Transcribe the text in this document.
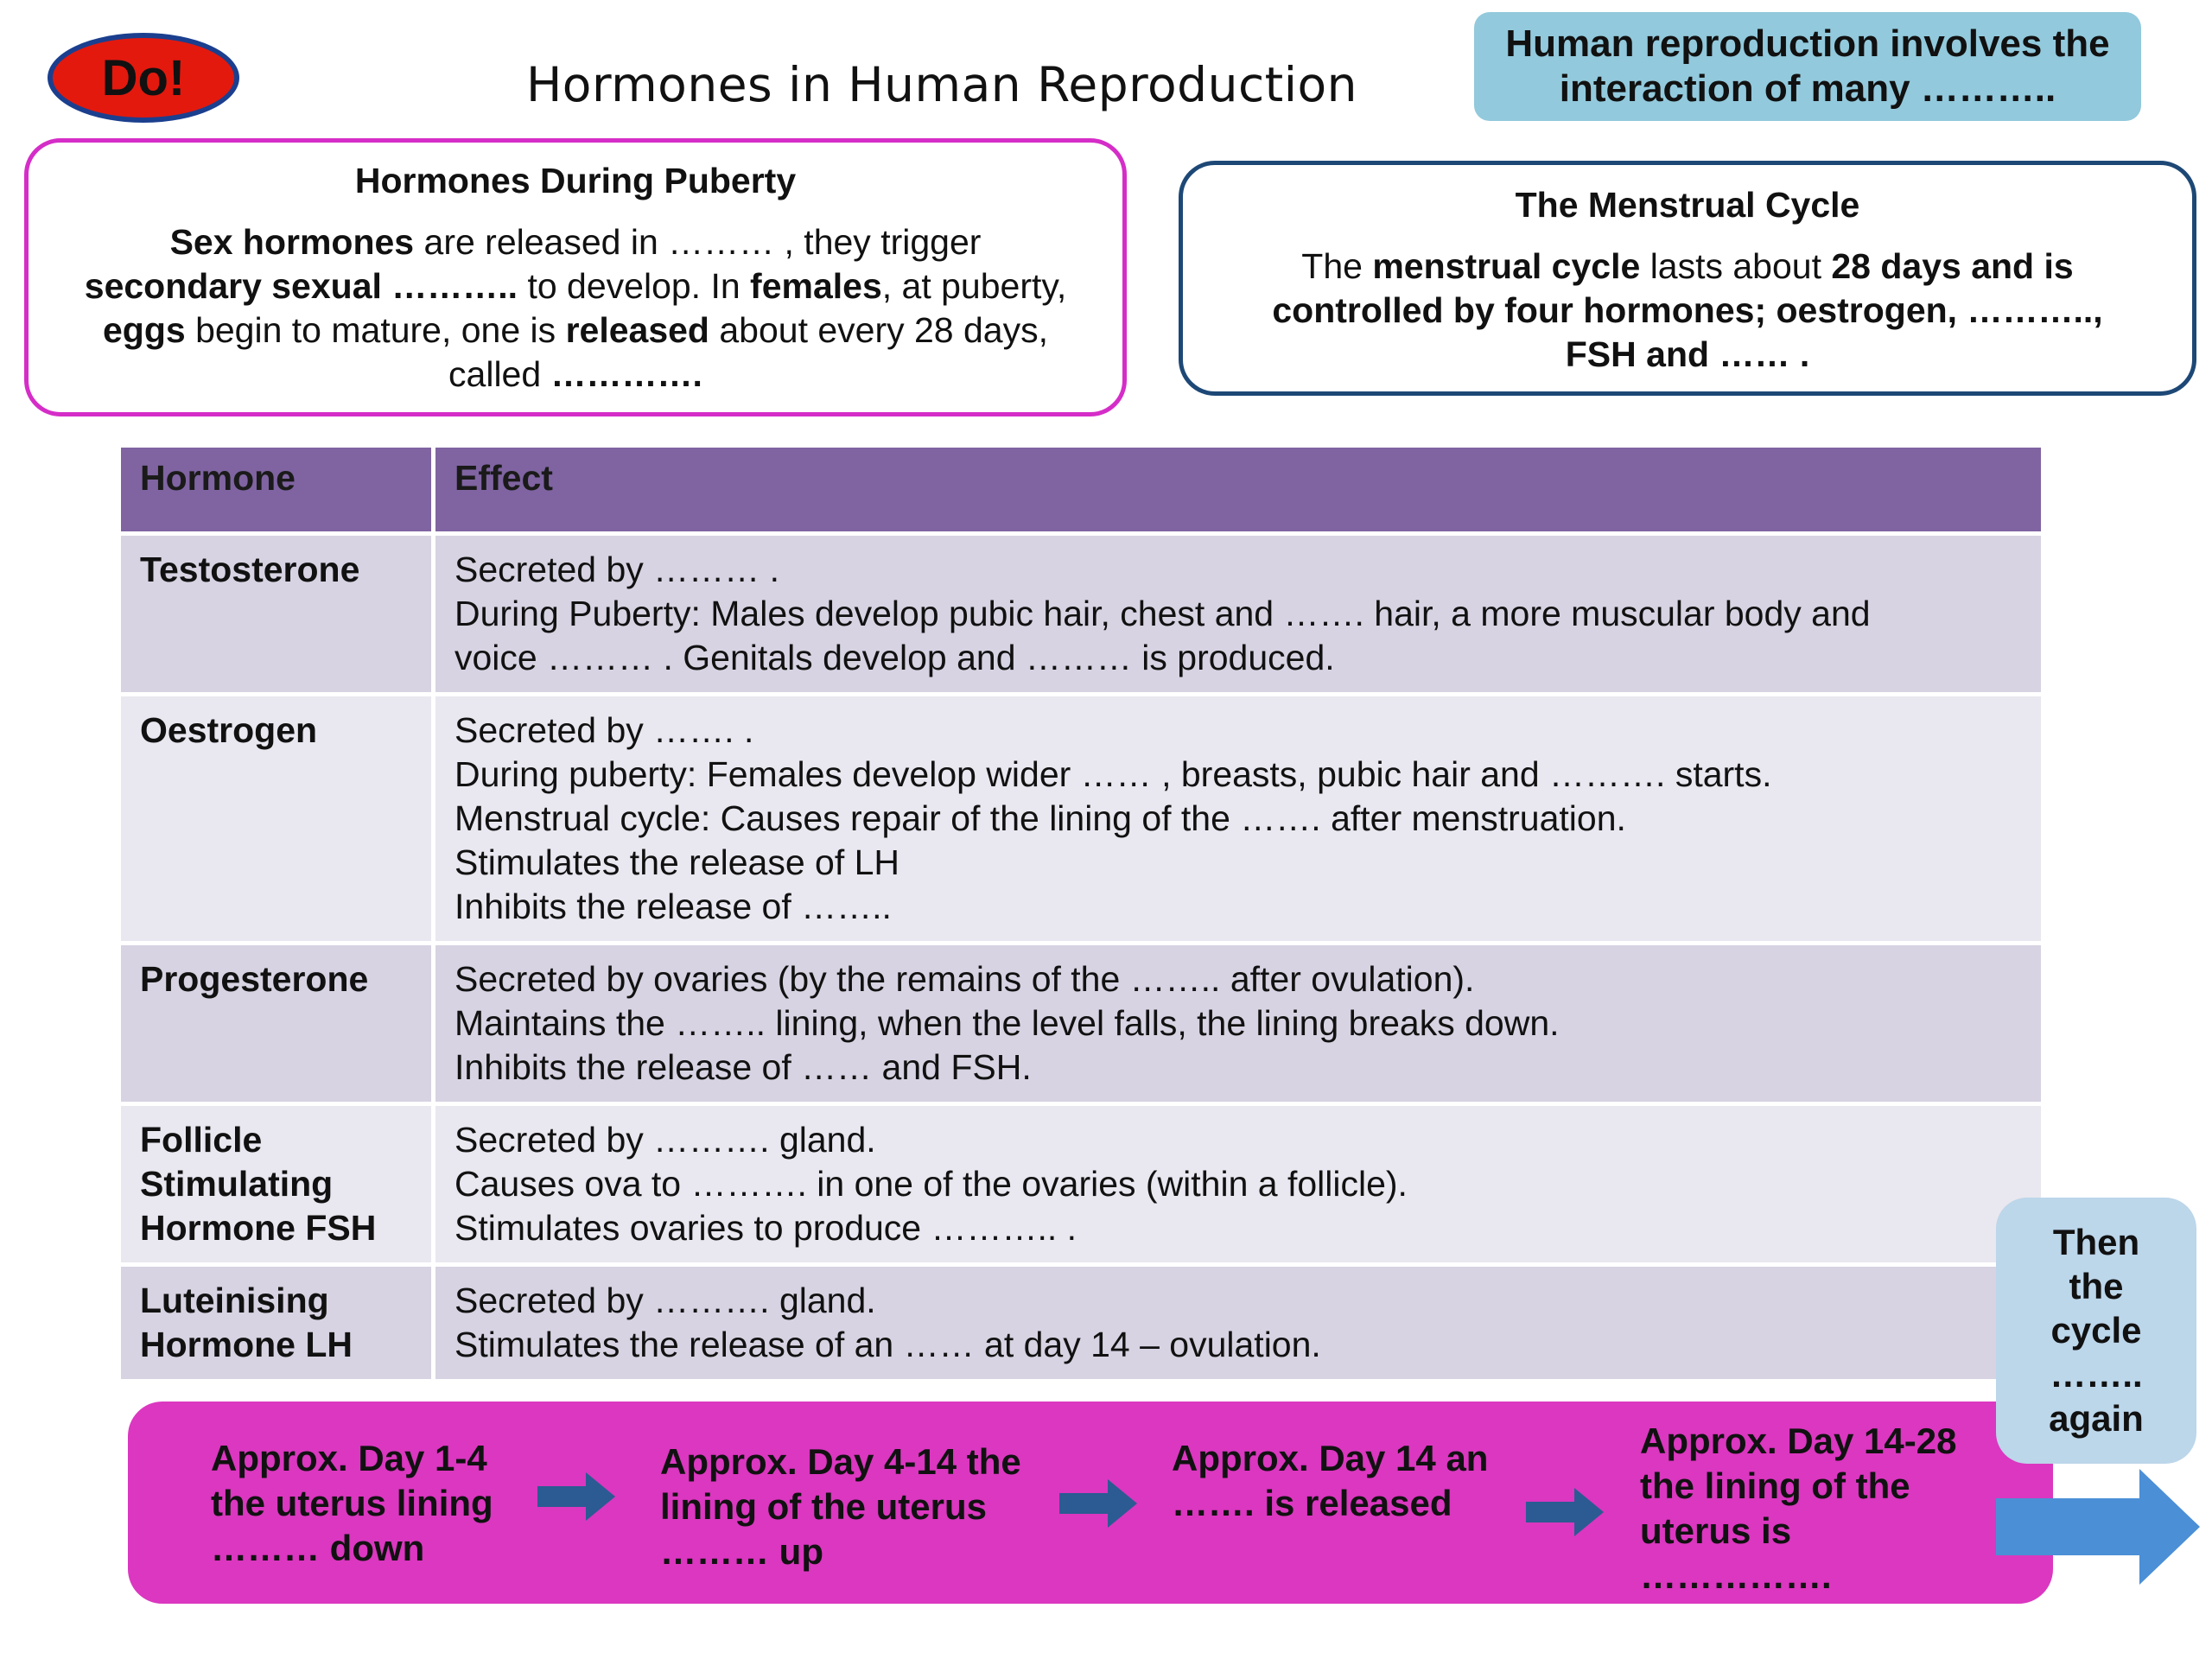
Do!	Hormones in Human Reproduction
Human reproduction involves the
interaction of many ………..
Hormones During Puberty
Sex hormones are released in ……… , they trigger
secondary sexual ……….. to develop. In females, at puberty,
eggs begin to mature, one is released about every 28 days,
called ………….
The Menstrual Cycle
The menstrual cycle lasts about 28 days and is
controlled by four hormones; oestrogen, ………..,
FSH and …… .
Hormone	Effect
Testosterone	Secreted by ……… .
During Puberty: Males develop pubic hair, chest and ……. hair, a more muscular body and
voice ……… . Genitals develop and ……… is produced.

Oestrogen	Secreted by ……. .
During puberty: Females develop wider …… , breasts, pubic hair and ………. starts.
Menstrual cycle: Causes repair of the lining of the ……. after menstruation.
Stimulates the release of LH
Inhibits the release of ……..

Progesterone	Secreted by ovaries (by the remains of the …….. after ovulation).
Maintains the …….. lining, when the level falls, the lining breaks down.
Inhibits the release of …… and FSH.

Follicle
Stimulating
Hormone FSH	Secreted by ………. gland.
Causes ova to ………. in one of the ovaries (within a follicle).
Stimulates ovaries to produce ……….. .

Luteinising
Hormone LH	Secreted by ………. gland.
Stimulates the release of an …… at day 14 – ovulation.
Approx. Day 1-4
the uterus lining
……… down
Approx. Day 4-14 the
lining of the uterus
……… up
Approx. Day 14 an
……. is released
Approx. Day 14-28
the lining of the
uterus is
…………….
Then
the
cycle
……..
again
